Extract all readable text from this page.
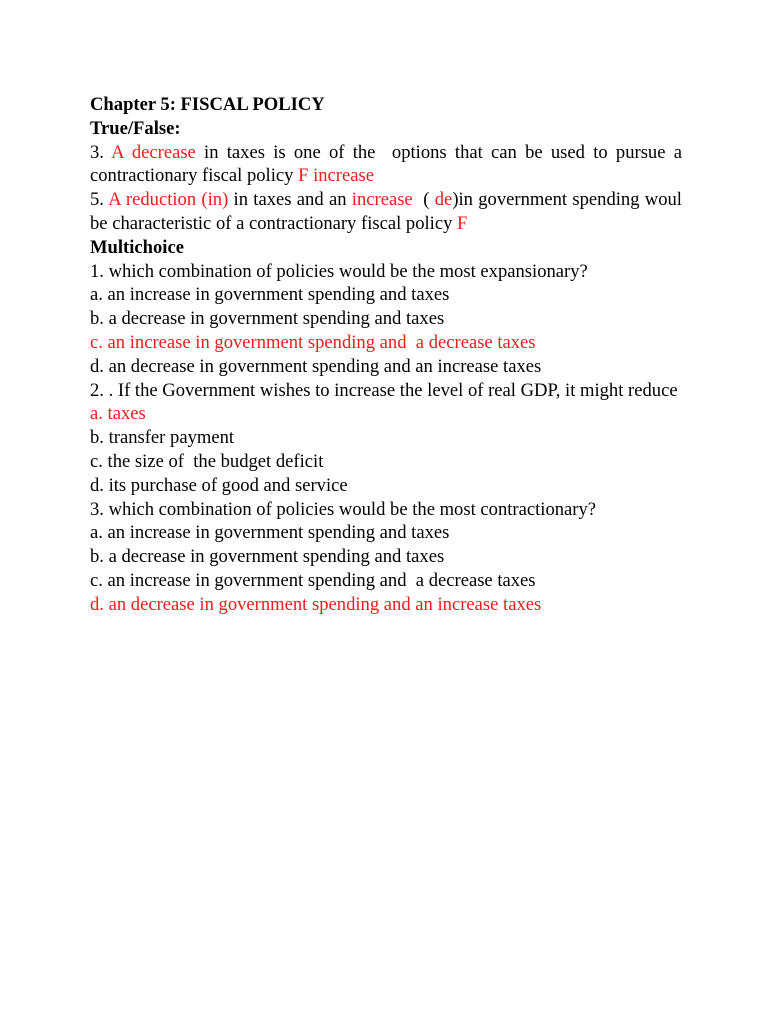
Chapter 5: FISCAL POLICY
True/False:
3. A decrease in taxes is one of the  options that can be used to pursue a contractionary fiscal policy F increase
5. A reduction (in) in taxes and an increase  ( de)in government spending woul be characteristic of a contractionary fiscal policy F
Multichoice
1. which combination of policies would be the most expansionary?
a. an increase in government spending and taxes
b. a decrease in government spending and taxes
c. an increase in government spending and  a decrease taxes
d. an decrease in government spending and an increase taxes
2. . If the Government wishes to increase the level of real GDP, it might reduce
a. taxes
b. transfer payment
c. the size of  the budget deficit
d. its purchase of good and service
3. which combination of policies would be the most contractionary?
a. an increase in government spending and taxes
b. a decrease in government spending and taxes
c. an increase in government spending and  a decrease taxes
d. an decrease in government spending and an increase taxes
